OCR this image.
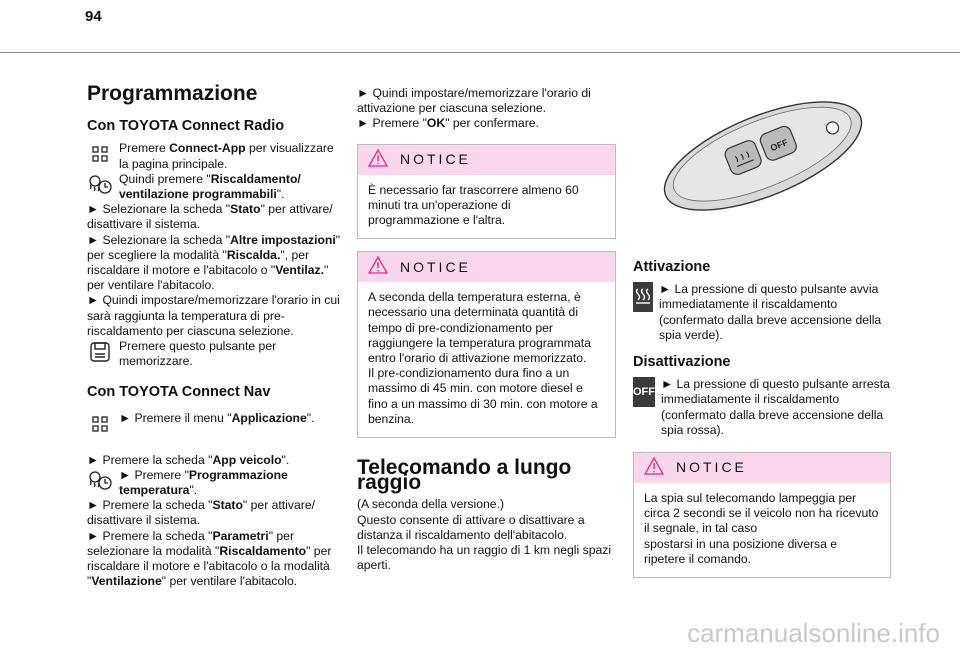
94
Programmazione
Con TOYOTA Connect Radio

Premere Connect-App per visualizzare la pagina principale.

Quindi premere "Riscaldamento/ ventilazione programmabili".

► Selezionare la scheda "Stato" per attivare/ disattivare il sistema.

► Selezionare la scheda "Altre impostazioni" per scegliere la modalità "Riscalda.", per riscaldare il motore e l'abitacolo o "Ventilaz." per ventilare l'abitacolo.

► Quindi impostare/memorizzare l'orario in cui sarà raggiunta la temperatura di pre-riscaldamento per ciascuna selezione.

Premere questo pulsante per memorizzare.

Con TOYOTA Connect Nav

► Premere il menu "Applicazione".

► Premere la scheda "App veicolo".

► Premere "Programmazione temperatura".

► Premere la scheda "Stato" per attivare/ disattivare il sistema.

► Premere la scheda "Parametri" per selezionare la modalità "Riscaldamento" per riscaldare il motore e l'abitacolo o la modalità "Ventilazione" per ventilare l'abitacolo.

► Quindi impostare/memorizzare l'orario di attivazione per ciascuna selezione.

► Premere "OK" per confermare.

NOTICE

È necessario far trascorrere almeno 60 minuti tra un'operazione di programmazione e l'altra.

NOTICE

A seconda della temperatura esterna, è necessario una determinata quantità di tempo di pre-condizionamento per raggiungere la temperatura programmata entro l'orario di attivazione memorizzato.

Il pre-condizionamento dura fino a un massimo di 45 min. con motore diesel e fino a un massimo di 30 min. con motore a benzina.

Telecomando a lungo raggio

(A seconda della versione.)

Questo consente di attivare o disattivare a distanza il riscaldamento dell'abitacolo.

Il telecomando ha un raggio di 1 km negli spazi aperti.

OFF
Attivazione

► La pressione di questo pulsante avvia immediatamente il riscaldamento (confermato dalla breve accensione della spia verde).

Disattivazione
OFF

► La pressione di questo pulsante arresta immediatamente il riscaldamento (confermato dalla breve accensione della spia rossa).

NOTICE

La spia sul telecomando lampeggia per circa 2 secondi se il veicolo non ha ricevuto il segnale, in tal caso

spostarsi in una posizione diversa e ripetere il comando.

carmanualsonline.info
